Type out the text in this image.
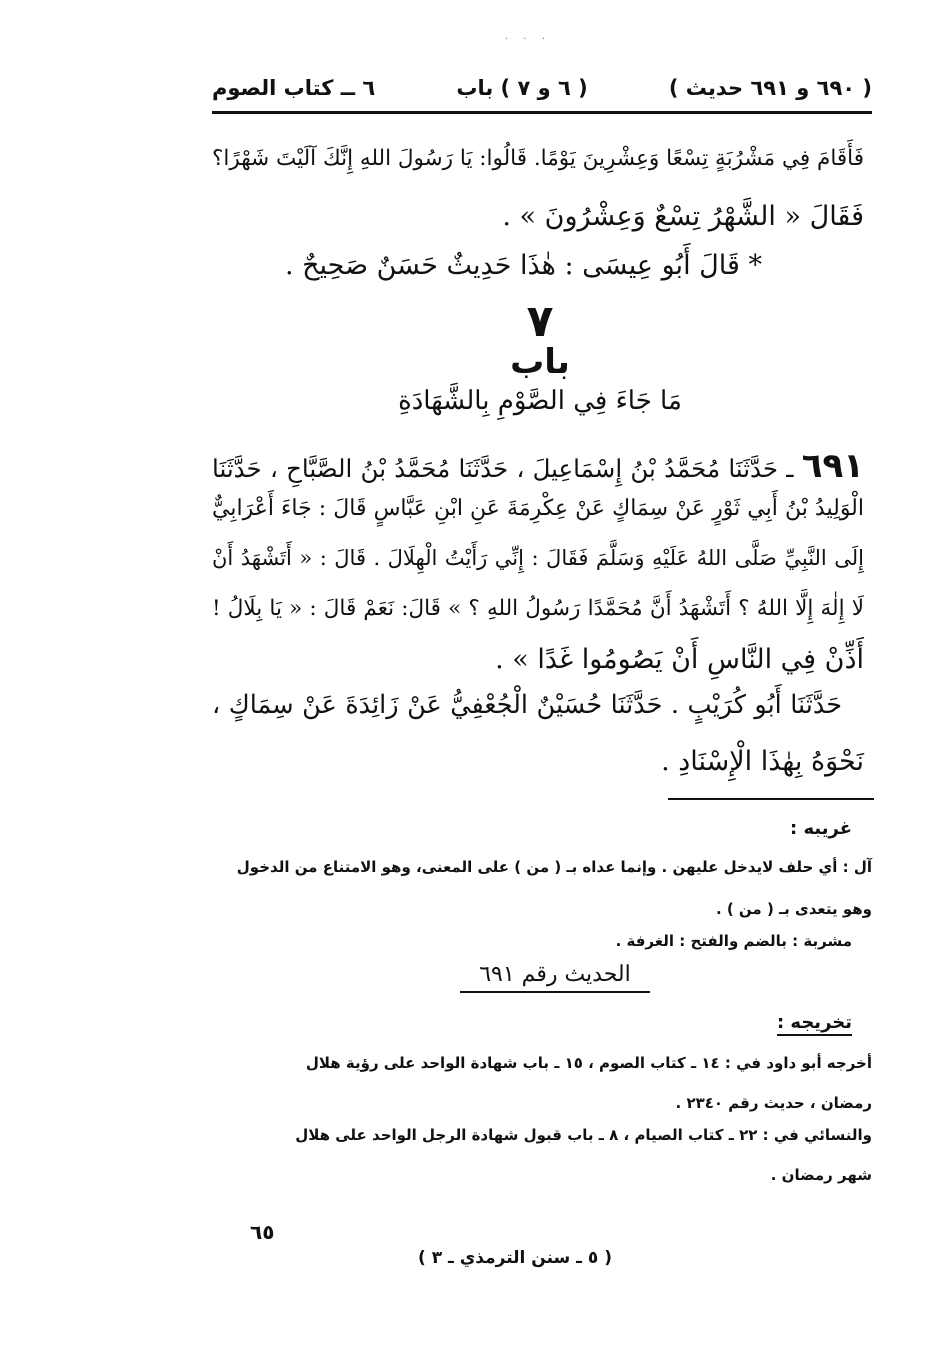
· · ·
٦ ــ كتاب الصوم	( ٦ و ٧ ) باب	( ٦٩٠ و ٦٩١ حديث )
فَأَقَامَ فِي مَشْرُبَةٍ تِسْعًا وَعِشْرِينَ يَوْمًا. قَالُوا: يَا رَسُولَ اللهِ إِنَّكَ آلَيْتَ شَهْرًا؟
فَقَالَ « الشَّهْرُ تِسْعٌ وَعِشْرُونَ » .
* قَالَ أَبُو عِيسَى : هٰذَا حَدِيثٌ حَسَنٌ صَحِيحٌ .
٧
باب
مَا جَاءَ فِي الصَّوْمِ بِالشَّهَادَةِ
٦٩١ ـ حَدَّثَنَا مُحَمَّدُ بْنُ إِسْمَاعِيلَ ، حَدَّثَنَا مُحَمَّدُ بْنُ الصَّبَّاحِ ، حَدَّثَنَا
الْوَلِيدُ بْنُ أَبِي ثَوْرٍ عَنْ سِمَاكٍ عَنْ عِكْرِمَةَ عَنِ ابْنِ عَبَّاسٍ قَالَ : جَاءَ أَعْرَابِيٌّ
إِلَى النَّبِيِّ صَلَّى اللهُ عَلَيْهِ وَسَلَّمَ فَقَالَ : إِنِّي رَأَيْتُ الْهِلَالَ . قَالَ : « أَتَشْهَدُ أَنْ
لَا إِلٰهَ إِلَّا اللهُ ؟ أَتَشْهَدُ أَنَّ مُحَمَّدًا رَسُولُ اللهِ ؟ » قَالَ: نَعَمْ قَالَ : « يَا بِلَالُ !
أَذِّنْ فِي النَّاسِ أَنْ يَصُومُوا غَدًا » .
حَدَّثَنَا أَبُو كُرَيْبٍ . حَدَّثَنَا حُسَيْنٌ الْجُعْفِيُّ عَنْ زَائِدَةَ عَنْ سِمَاكٍ ،
نَحْوَهُ بِهٰذَا الْإِسْنَادِ .
غريبه :
آل : أي حلف لايدخل عليهن . وإنما عداه بـ ( من ) على المعنى، وهو الامتناع من الدخول
وهو يتعدى بـ ( من ) .
مشربة : بالضم والفتح : الغرفة .
الحديث رقم ٦٩١
تخريجه :
أخرجه أبو داود في : ١٤ ـ كتاب الصوم ، ١٥ ـ باب شهادة الواحد على رؤية هلال
رمضان ، حديث رقم ٢٣٤٠ .
والنسائي في : ٢٢ ـ كتاب الصيام ، ٨ ـ باب قبول شهادة الرجل الواحد على هلال
شهر رمضان .
٦٥
( ٥ ـ سنن الترمذي ـ ٣ )
